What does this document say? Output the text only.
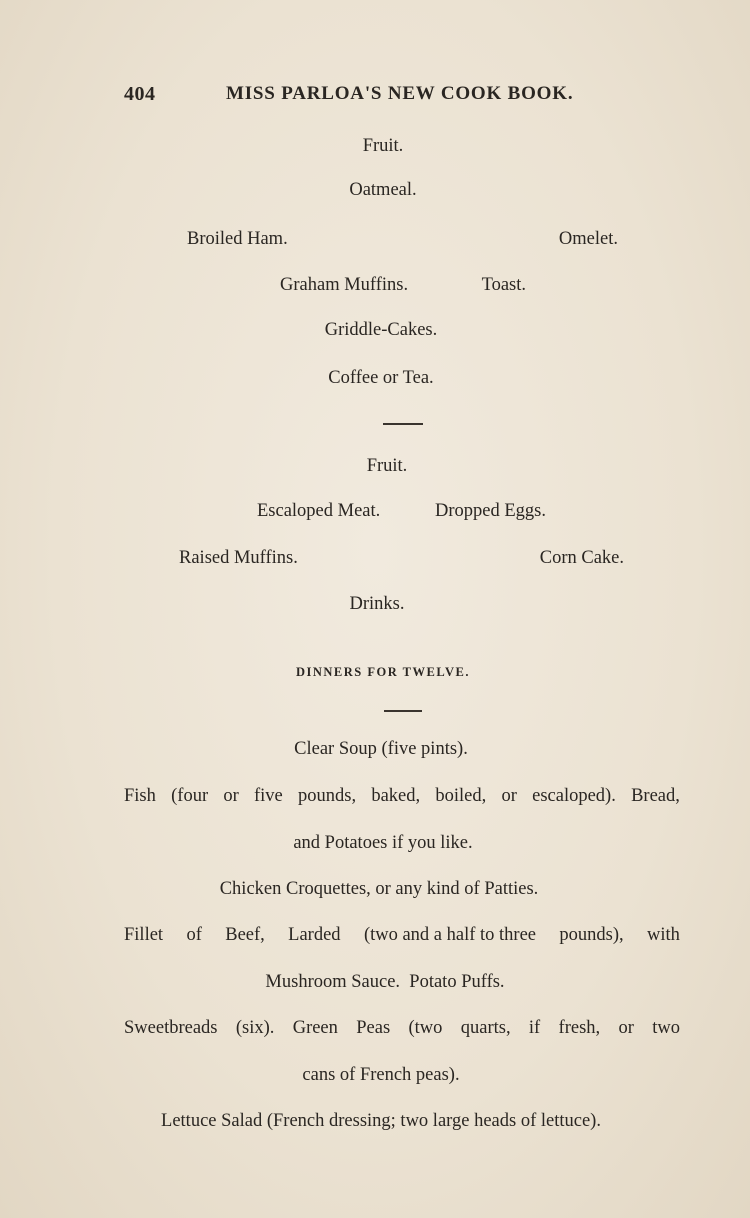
404	MISS PARLOA'S NEW COOK BOOK.
Fruit.
Oatmeal.
Broiled Ham.	Omelet.
Graham Muffins.	Toast.
Griddle-Cakes.
Coffee or Tea.
Fruit.
Escaloped Meat.	Dropped Eggs.
Raised Muffins.	Corn Cake.
Drinks.
DINNERS FOR TWELVE.
Clear Soup (five pints).
Fish (four or five pounds, baked, boiled, or escaloped). Bread,
and Potatoes if you like.
Chicken Croquettes, or any kind of Patties.
Fillet of Beef, Larded (two and a half to three pounds), with
Mushroom Sauce.  Potato Puffs.
Sweetbreads (six). Green Peas (two quarts, if fresh, or two
cans of French peas).
Lettuce Salad (French dressing; two large heads of lettuce).
